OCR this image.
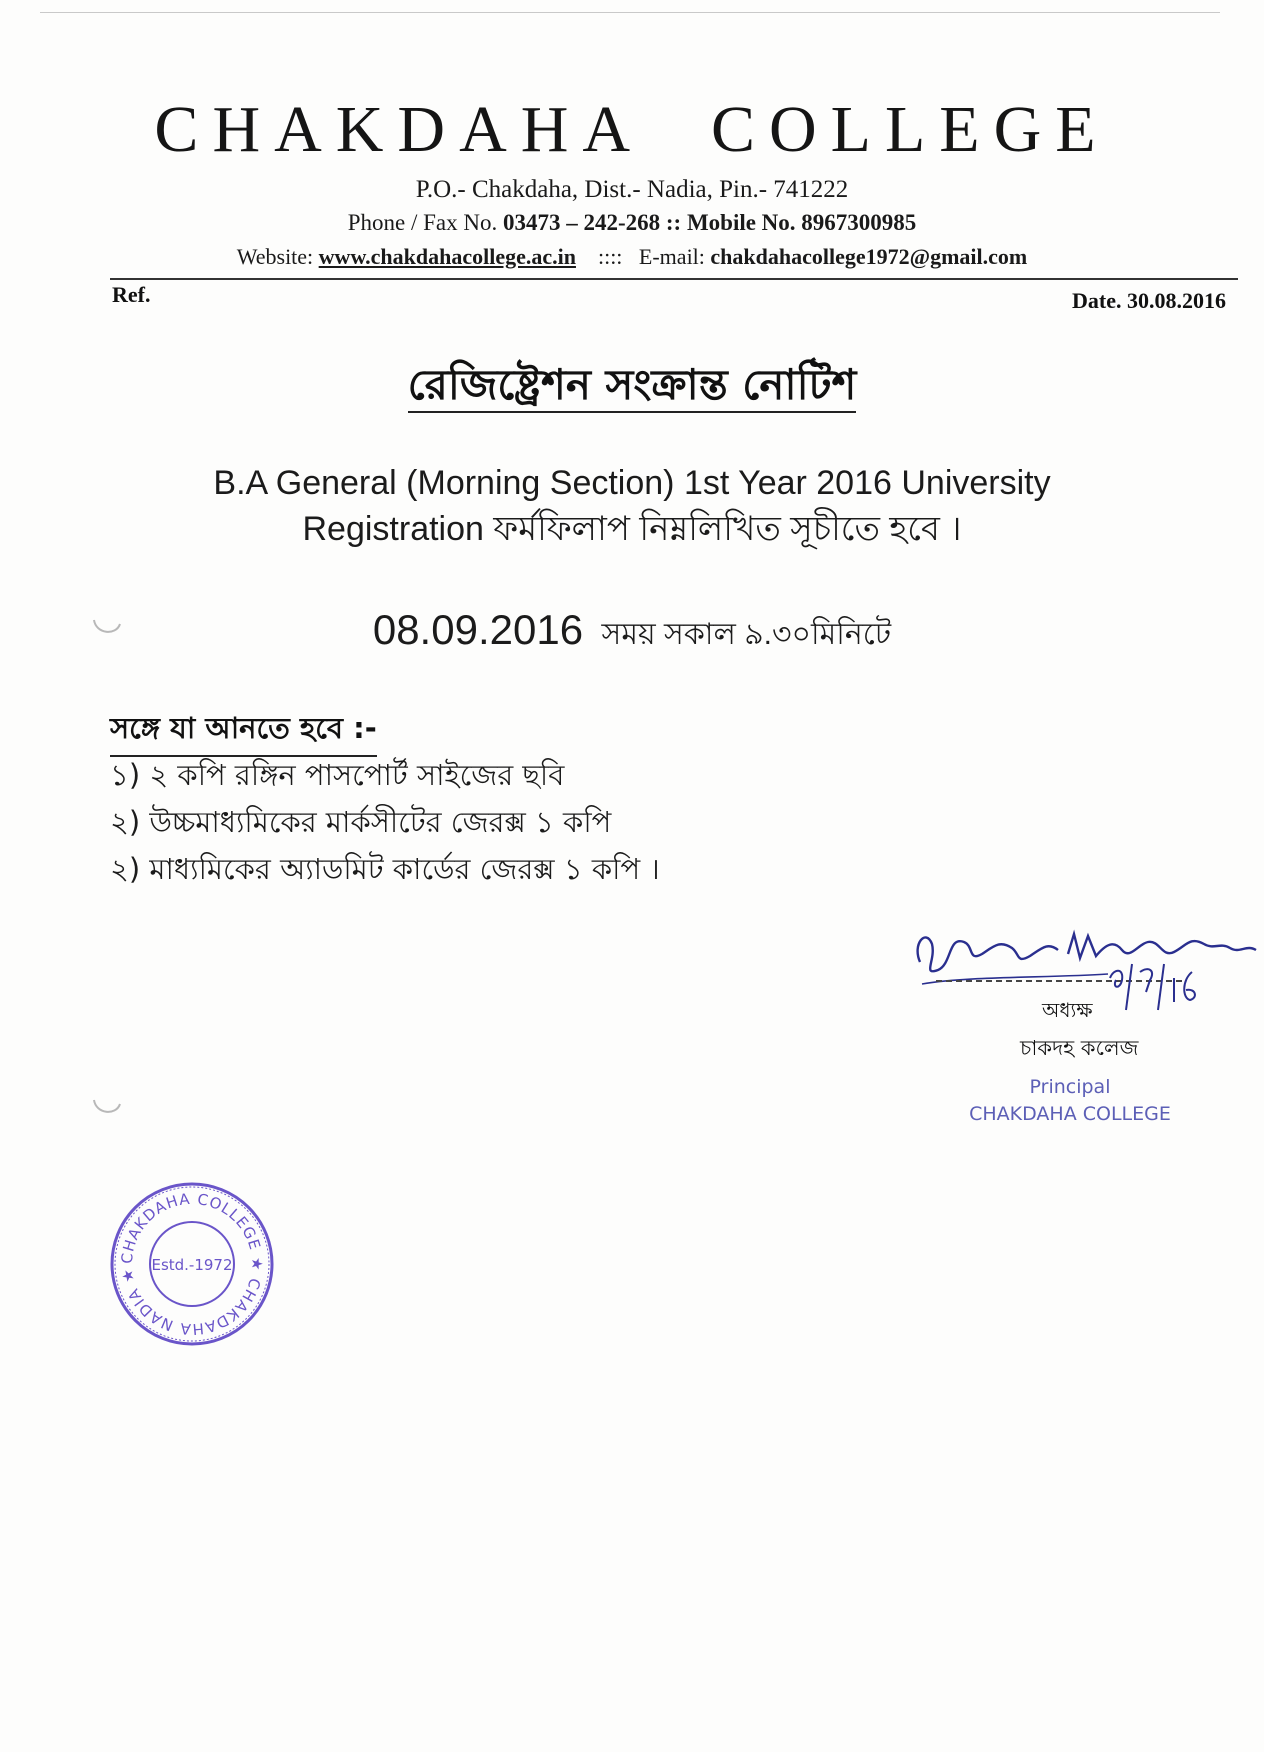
CHAKDAHA COLLEGE
P.O.- Chakdaha, Dist.- Nadia, Pin.- 741222
Phone / Fax No. 03473 – 242-268 :: Mobile No. 8967300985
Website: www.chakdahacollege.ac.in :::: E-mail: chakdahacollege1972@gmail.com
Ref.	Date. 30.08.2016
রেজিষ্ট্রেশন সংক্রান্ত নোটিশ
B.A General (Morning Section) 1st Year 2016 University
Registration ফর্মফিলাপ নিম্নলিখিত সূচীতে হবে ।
08.09.2016 সময় সকাল ৯.৩০মিনিটে
সঙ্গে যা আনতে হবে :-
১) ২ কপি রঙ্গিন পাসপোর্ট সাইজের ছবি
২) উচ্চমাধ্যমিকের মার্কসীটের জেরক্স ১ কপি
২) মাধ্যমিকের অ্যাডমিট কার্ডের জেরক্স ১ কপি ।
অধ্যক্ষ
চাকদহ কলেজ
Principal
CHAKDAHA COLLEGE
CHAKDAHA COLLEGE ★ CHAKDAHA NADIA ★
Estd.-1972
